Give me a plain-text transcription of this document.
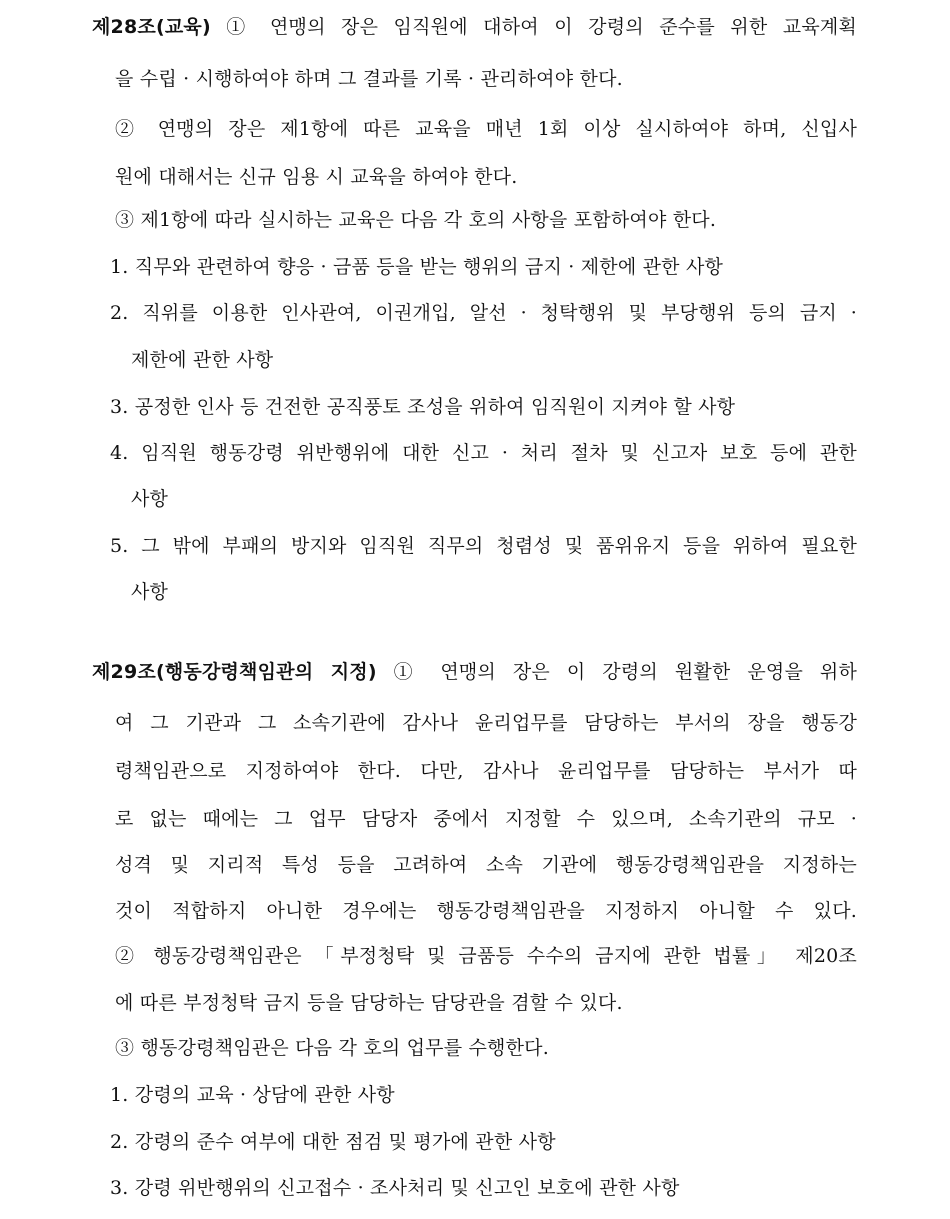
제28조(교육) ① 연맹의 장은 임직원에 대하여 이 강령의 준수를 위한 교육계획
을 수립 · 시행하여야 하며 그 결과를 기록 · 관리하여야 한다.
② 연맹의 장은 제1항에 따른 교육을 매년 1회 이상 실시하여야 하며, 신입사
원에 대해서는 신규 임용 시 교육을 하여야 한다.
③ 제1항에 따라 실시하는 교육은 다음 각 호의 사항을 포함하여야 한다.
1. 직무와 관련하여 향응 · 금품 등을 받는 행위의 금지 · 제한에 관한 사항
2. 직위를 이용한 인사관여, 이권개입, 알선 · 청탁행위 및 부당행위 등의 금지 ·
제한에 관한 사항
3. 공정한 인사 등 건전한 공직풍토 조성을 위하여 임직원이 지켜야 할 사항
4. 임직원 행동강령 위반행위에 대한 신고 · 처리 절차 및 신고자 보호 등에 관한
사항
5. 그 밖에 부패의 방지와 임직원 직무의 청렴성 및 품위유지 등을 위하여 필요한
사항
제29조(행동강령책임관의 지정) ① 연맹의 장은 이 강령의 원활한 운영을 위하
여 그 기관과 그 소속기관에 감사나 윤리업무를 담당하는 부서의 장을 행동강
령책임관으로 지정하여야 한다. 다만, 감사나 윤리업무를 담당하는 부서가 따
로 없는 때에는 그 업무 담당자 중에서 지정할 수 있으며, 소속기관의 규모 ·
성격 및 지리적 특성 등을 고려하여 소속 기관에 행동강령책임관을 지정하는
것이 적합하지 아니한 경우에는 행동강령책임관을 지정하지 아니할 수 있다.
② 행동강령책임관은 「부정청탁 및 금품등 수수의 금지에 관한 법률」 제20조
에 따른 부정청탁 금지 등을 담당하는 담당관을 겸할 수 있다.
③ 행동강령책임관은 다음 각 호의 업무를 수행한다.
1. 강령의 교육 · 상담에 관한 사항
2. 강령의 준수 여부에 대한 점검 및 평가에 관한 사항
3. 강령 위반행위의 신고접수 · 조사처리 및 신고인 보호에 관한 사항
